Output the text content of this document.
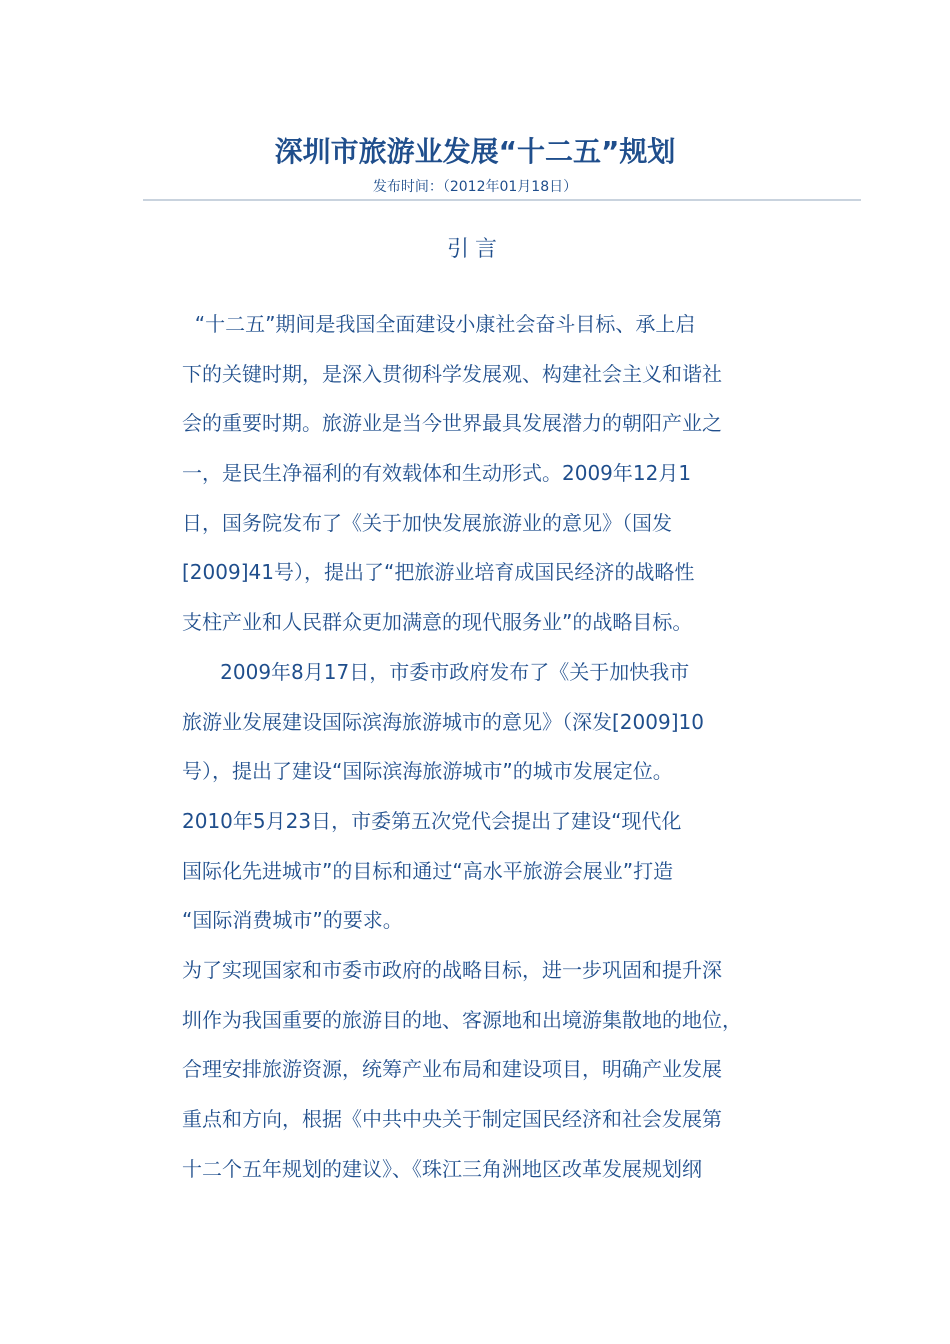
深圳市旅游业发展“十二五”规划
发布时间：（2012年01月18日）
引言
“十二五”期间是我国全面建设小康社会奋斗目标、承上启
下的关键时期，是深入贯彻科学发展观、构建社会主义和谐社
会的重要时期。旅游业是当今世界最具发展潜力的朝阳产业之
一，是民生净福利的有效载体和生动形式。2009年12月1
日，国务院发布了《关于加快发展旅游业的意见》（国发
[2009]41号），提出了“把旅游业培育成国民经济的战略性
支柱产业和人民群众更加满意的现代服务业”的战略目标。
2009年8月17日，市委市政府发布了《关于加快我市
旅游业发展建设国际滨海旅游城市的意见》（深发[2009]10
号），提出了建设“国际滨海旅游城市”的城市发展定位。
2010年5月23日，市委第五次党代会提出了建设“现代化
国际化先进城市”的目标和通过“高水平旅游会展业”打造
“国际消费城市”的要求。
为了实现国家和市委市政府的战略目标，进一步巩固和提升深
圳作为我国重要的旅游目的地、客源地和出境游集散地的地位，
合理安排旅游资源，统筹产业布局和建设项目，明确产业发展
重点和方向，根据《中共中央关于制定国民经济和社会发展第
十二个五年规划的建议》、《珠江三角洲地区改革发展规划纲
